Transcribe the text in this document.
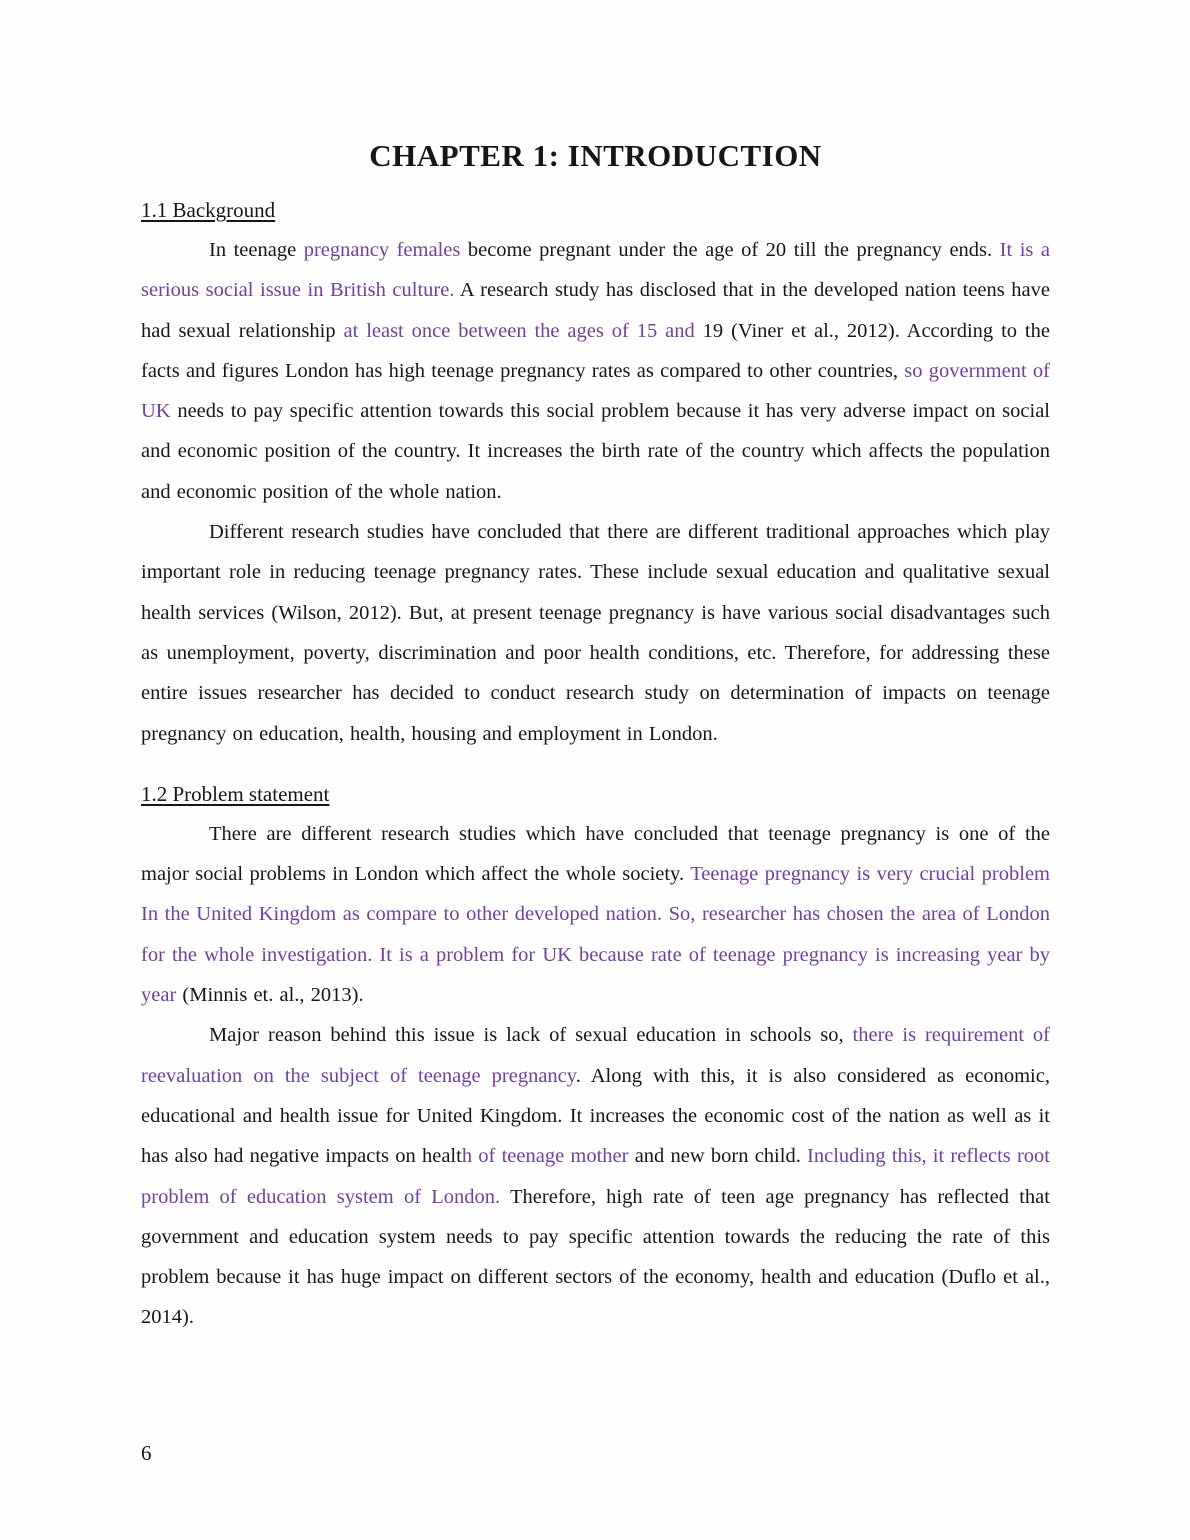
CHAPTER 1: INTRODUCTION
1.1 Background

In teenage pregnancy females become pregnant under the age of 20 till the pregnancy ends. It is a serious social issue in British culture. A research study has disclosed that in the developed nation teens have had sexual relationship at least once between the ages of 15 and 19 (Viner et al., 2012). According to the facts and figures London has high teenage pregnancy rates as compared to other countries, so government of UK needs to pay specific attention towards this social problem because it has very adverse impact on social and economic position of the country. It increases the birth rate of the country which affects the population and economic position of the whole nation.

Different research studies have concluded that there are different traditional approaches which play important role in reducing teenage pregnancy rates. These include sexual education and qualitative sexual health services (Wilson, 2012). But, at present teenage pregnancy is have various social disadvantages such as unemployment, poverty, discrimination and poor health conditions, etc. Therefore, for addressing these entire issues researcher has decided to conduct research study on determination of impacts on teenage pregnancy on education, health, housing and employment in London.

1.2 Problem statement

There are different research studies which have concluded that teenage pregnancy is one of the major social problems in London which affect the whole society. Teenage pregnancy is very crucial problem In the United Kingdom as compare to other developed nation. So, researcher has chosen the area of London for the whole investigation. It is a problem for UK because rate of teenage pregnancy is increasing year by year (Minnis et. al., 2013).

Major reason behind this issue is lack of sexual education in schools so, there is requirement of reevaluation on the subject of teenage pregnancy. Along with this, it is also considered as economic, educational and health issue for United Kingdom. It increases the economic cost of the nation as well as it has also had negative impacts on health of teenage mother and new born child. Including this, it reflects root problem of education system of London. Therefore, high rate of teen age pregnancy has reflected that government and education system needs to pay specific attention towards the reducing the rate of this problem because it has huge impact on different sectors of the economy, health and education (Duflo et al., 2014).

6
